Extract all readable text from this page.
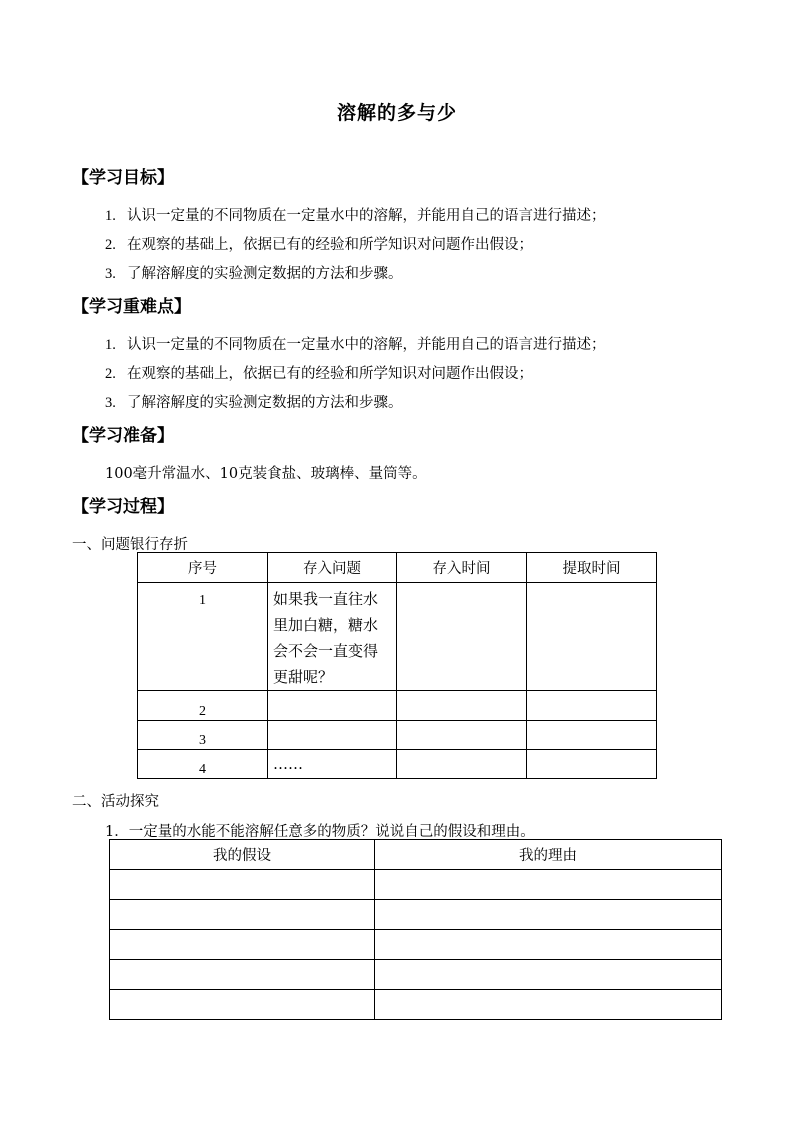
溶解的多与少
【学习目标】
1. 认识一定量的不同物质在一定量水中的溶解，并能用自己的语言进行描述；
2. 在观察的基础上，依据已有的经验和所学知识对问题作出假设；
3. 了解溶解度的实验测定数据的方法和步骤。
【学习重难点】
1. 认识一定量的不同物质在一定量水中的溶解，并能用自己的语言进行描述；
2. 在观察的基础上，依据已有的经验和所学知识对问题作出假设；
3. 了解溶解度的实验测定数据的方法和步骤。
【学习准备】
100毫升常温水、10克装食盐、玻璃棒、量筒等。
【学习过程】
一、问题银行存折
序号	存入问题	存入时间	提取时间
1	如果我一直往水里加白糖，糖水会不会一直变得更甜呢？		
2			
3			
4	……		
二、活动探究
1．一定量的水能不能溶解任意多的物质？说说自己的假设和理由。
我的假设	我的理由
